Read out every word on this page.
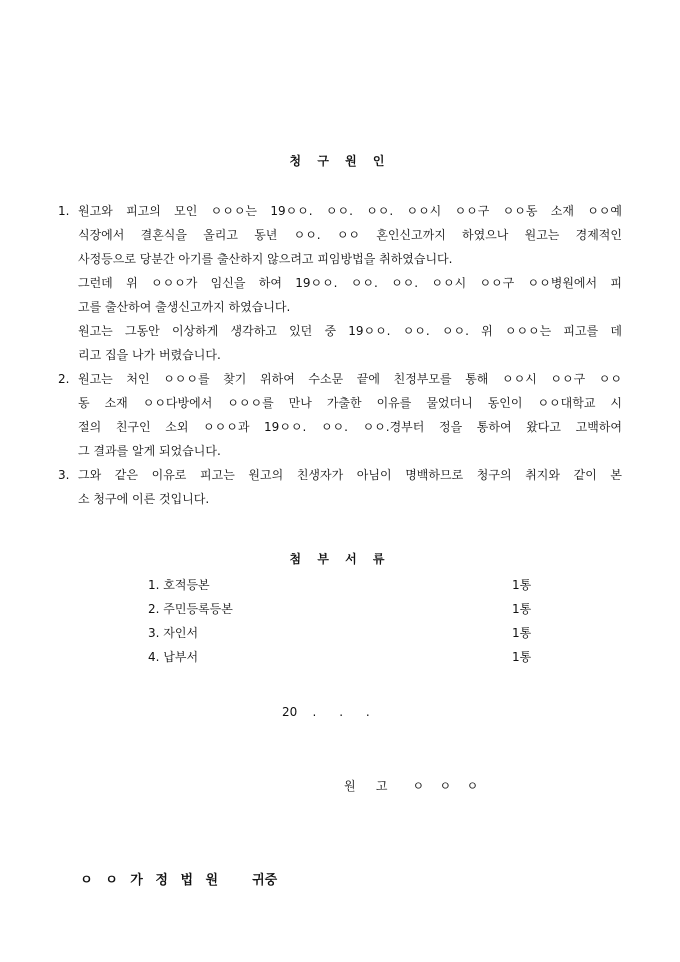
청 구 원 인
1. 원고와 피고의 모인 ㅇㅇㅇ는 19ㅇㅇ. ㅇㅇ. ㅇㅇ. ㅇㅇ시 ㅇㅇ구 ㅇㅇ동 소재 ㅇㅇ예
식장에서 결혼식을 올리고 동년 ㅇㅇ. ㅇㅇ 혼인신고까지 하였으나 원고는 경제적인
사정등으로 당분간 아기를 출산하지 않으려고 피임방법을 취하였습니다.
그런데 위 ㅇㅇㅇ가 임신을 하여 19ㅇㅇ. ㅇㅇ. ㅇㅇ. ㅇㅇ시 ㅇㅇ구 ㅇㅇ병원에서 피
고를 출산하여 출생신고까지 하였습니다.
원고는 그동안 이상하게 생각하고 있던 중 19ㅇㅇ. ㅇㅇ. ㅇㅇ. 위 ㅇㅇㅇ는 피고를 데
리고 집을 나가 버렸습니다.
2. 원고는 처인 ㅇㅇㅇ를 찾기 위하여 수소문 끝에 친정부모를 통해 ㅇㅇ시 ㅇㅇ구 ㅇㅇ
동 소재 ㅇㅇ다방에서 ㅇㅇㅇ를 만나 가출한 이유를 물었더니 동인이 ㅇㅇ대학교 시
절의 친구인 소외 ㅇㅇㅇ과 19ㅇㅇ. ㅇㅇ. ㅇㅇ.경부터 정을 통하여 왔다고 고백하여
그 결과를 알게 되었습니다.
3. 그와 같은 이유로 피고는 원고의 친생자가 아님이 명백하므로 청구의 취지와 같이 본
소 청구에 이른 것입니다.
첨 부 서 류
1. 호적등본	1통
2. 주민등록등본	1통
3. 자인서	1통
4. 납부서	1통
20    .      .      .
원    고     ㅇ   ㅇ   ㅇ

ㅇ ㅇ 가 정 법 원 귀중
